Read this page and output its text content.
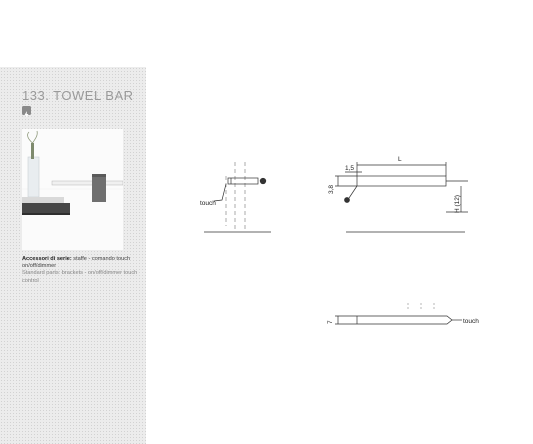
133. TOWEL BAR
Accessori di serie: staffe - comando touch on/off/dimmer
Standard parts: brackets - on/off/dimmer touch control
touch
L
1,5
3,8
H (12)
7	touch
